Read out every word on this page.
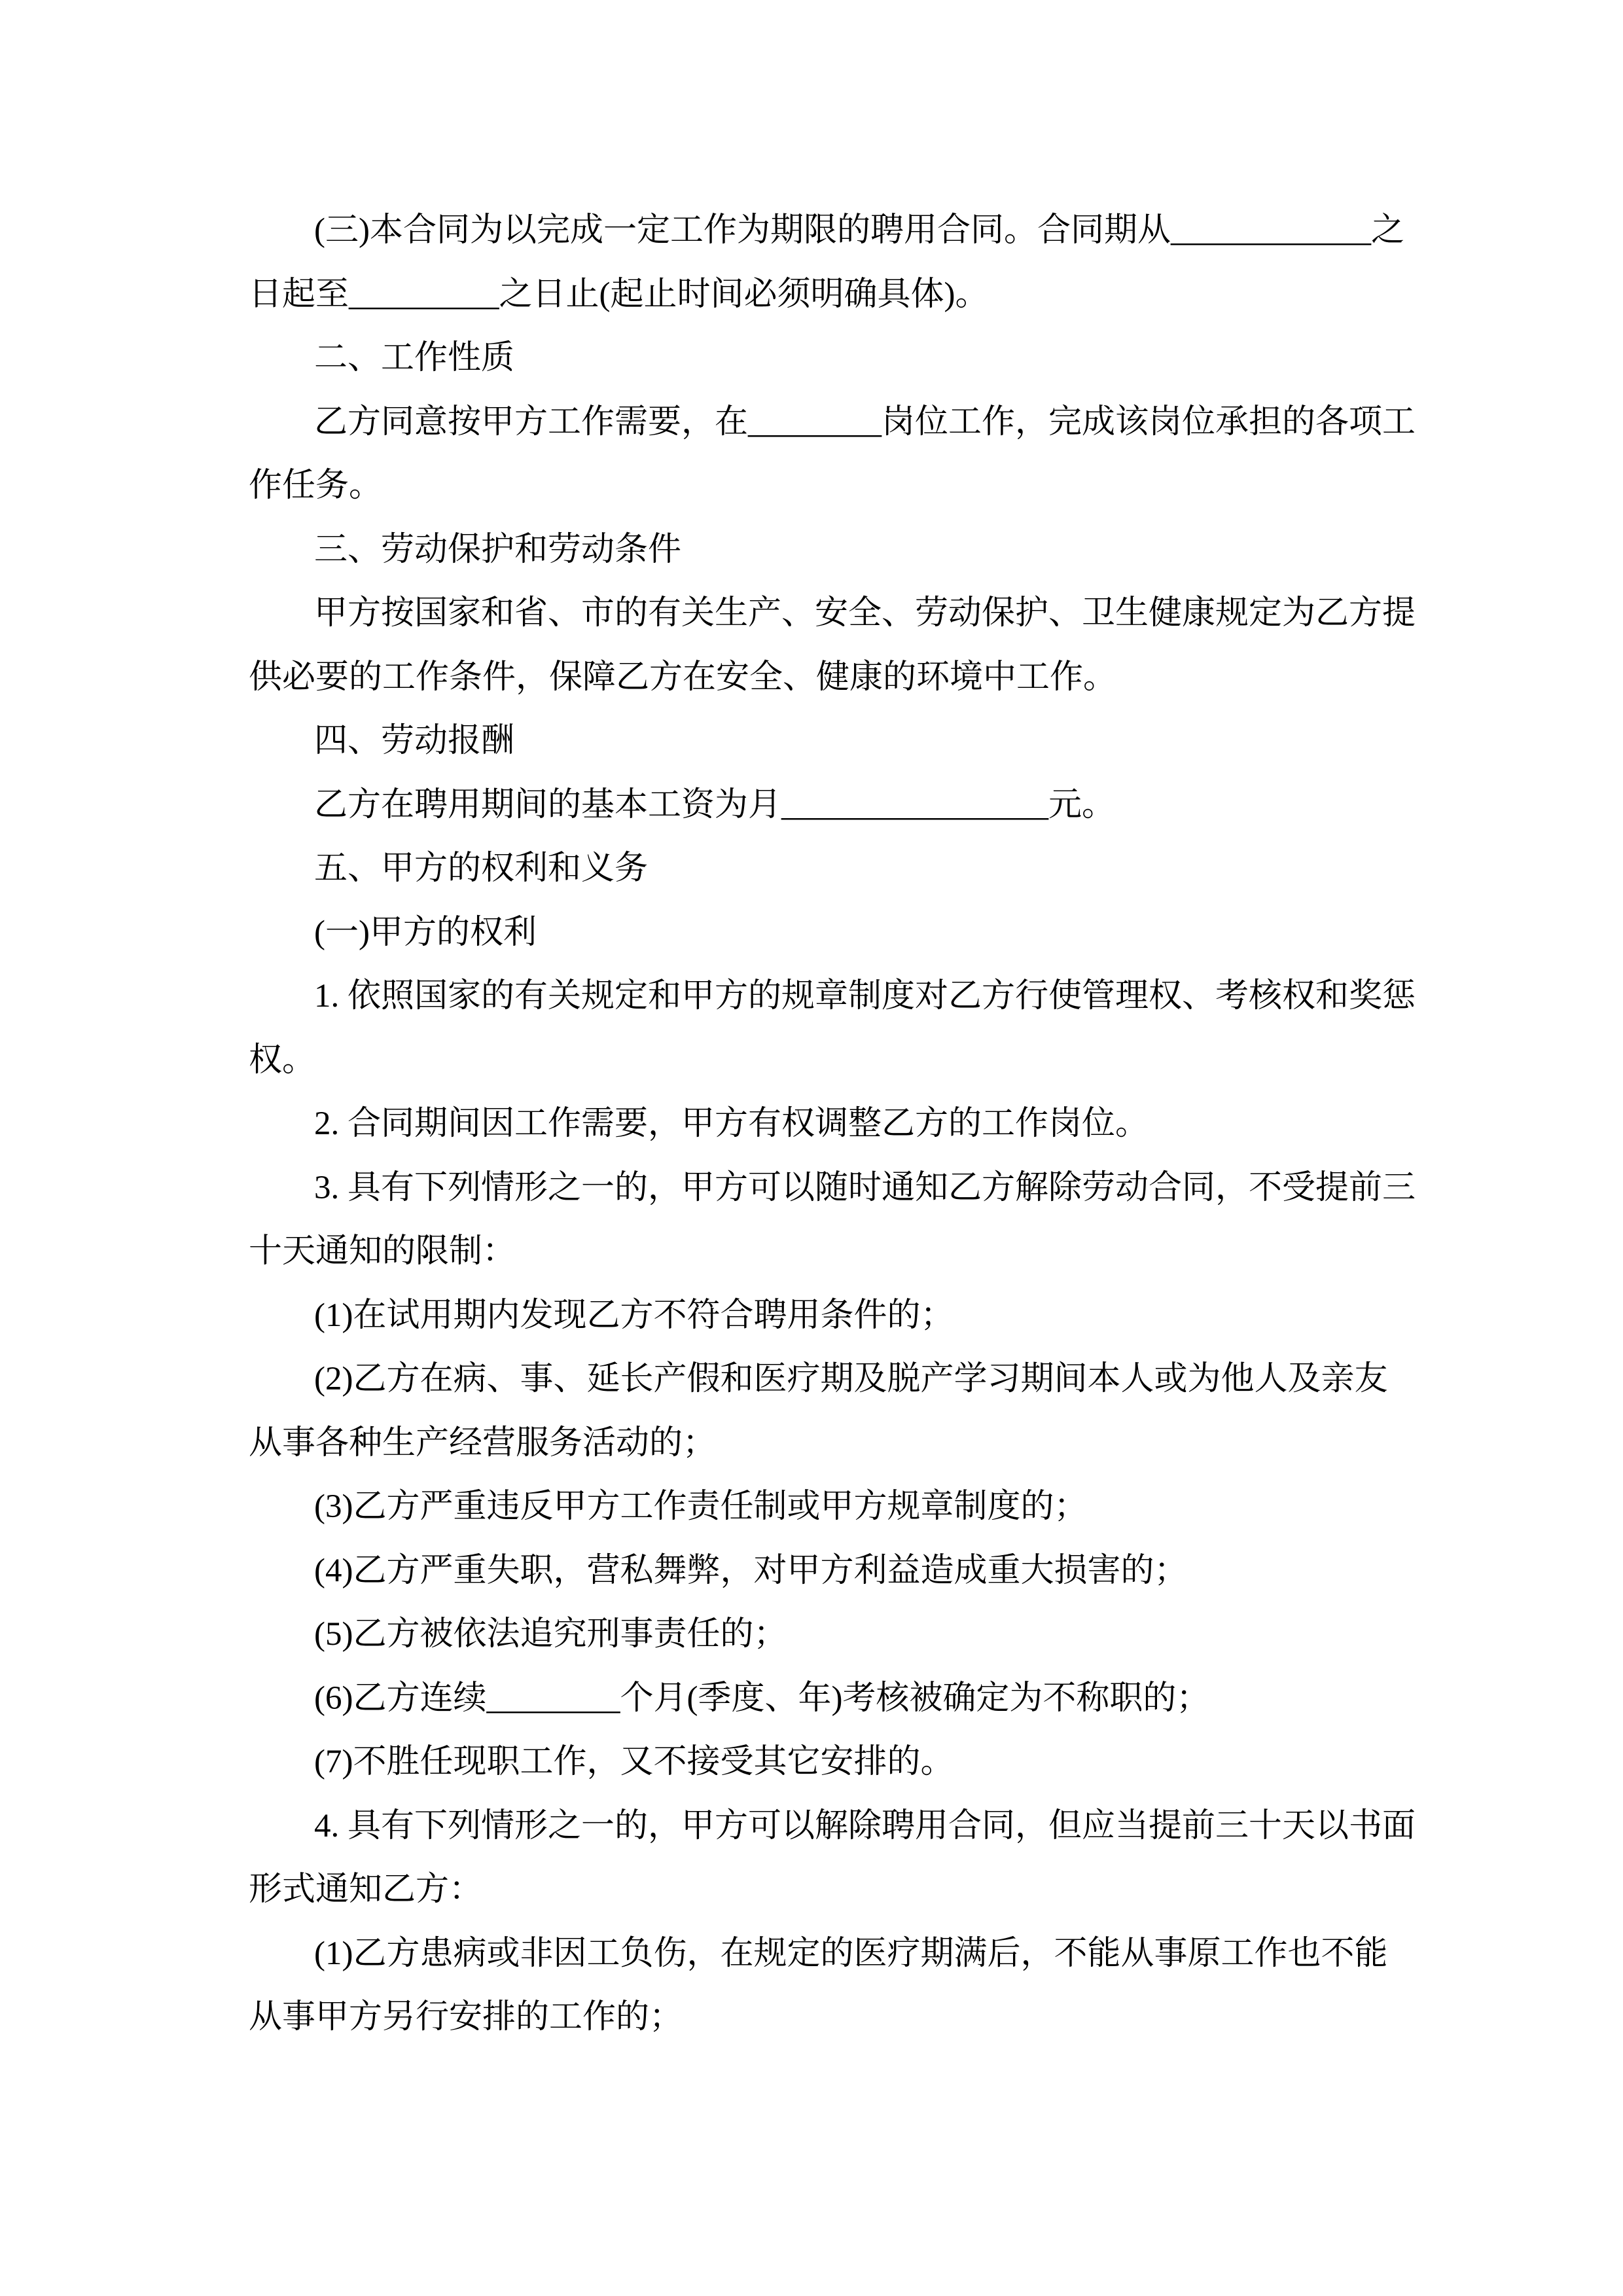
(三)本合同为以完成一定工作为期限的聘用合同。合同期从____________之
日起至_________之日止(起止时间必须明确具体)。
二、工作性质
乙方同意按甲方工作需要，在________岗位工作，完成该岗位承担的各项工
作任务。
三、劳动保护和劳动条件
甲方按国家和省、市的有关生产、安全、劳动保护、卫生健康规定为乙方提
供必要的工作条件，保障乙方在安全、健康的环境中工作。
四、劳动报酬
乙方在聘用期间的基本工资为月________________元。
五、甲方的权利和义务
(一)甲方的权利
1. 依照国家的有关规定和甲方的规章制度对乙方行使管理权、考核权和奖惩
权。
2. 合同期间因工作需要，甲方有权调整乙方的工作岗位。
3. 具有下列情形之一的，甲方可以随时通知乙方解除劳动合同，不受提前三
十天通知的限制：
(1)在试用期内发现乙方不符合聘用条件的；
(2)乙方在病、事、延长产假和医疗期及脱产学习期间本人或为他人及亲友
从事各种生产经营服务活动的；
(3)乙方严重违反甲方工作责任制或甲方规章制度的；
(4)乙方严重失职，营私舞弊，对甲方利益造成重大损害的；
(5)乙方被依法追究刑事责任的；
(6)乙方连续________个月(季度、年)考核被确定为不称职的；
(7)不胜任现职工作，又不接受其它安排的。
4. 具有下列情形之一的，甲方可以解除聘用合同，但应当提前三十天以书面
形式通知乙方：
(1)乙方患病或非因工负伤，在规定的医疗期满后，不能从事原工作也不能
从事甲方另行安排的工作的；
